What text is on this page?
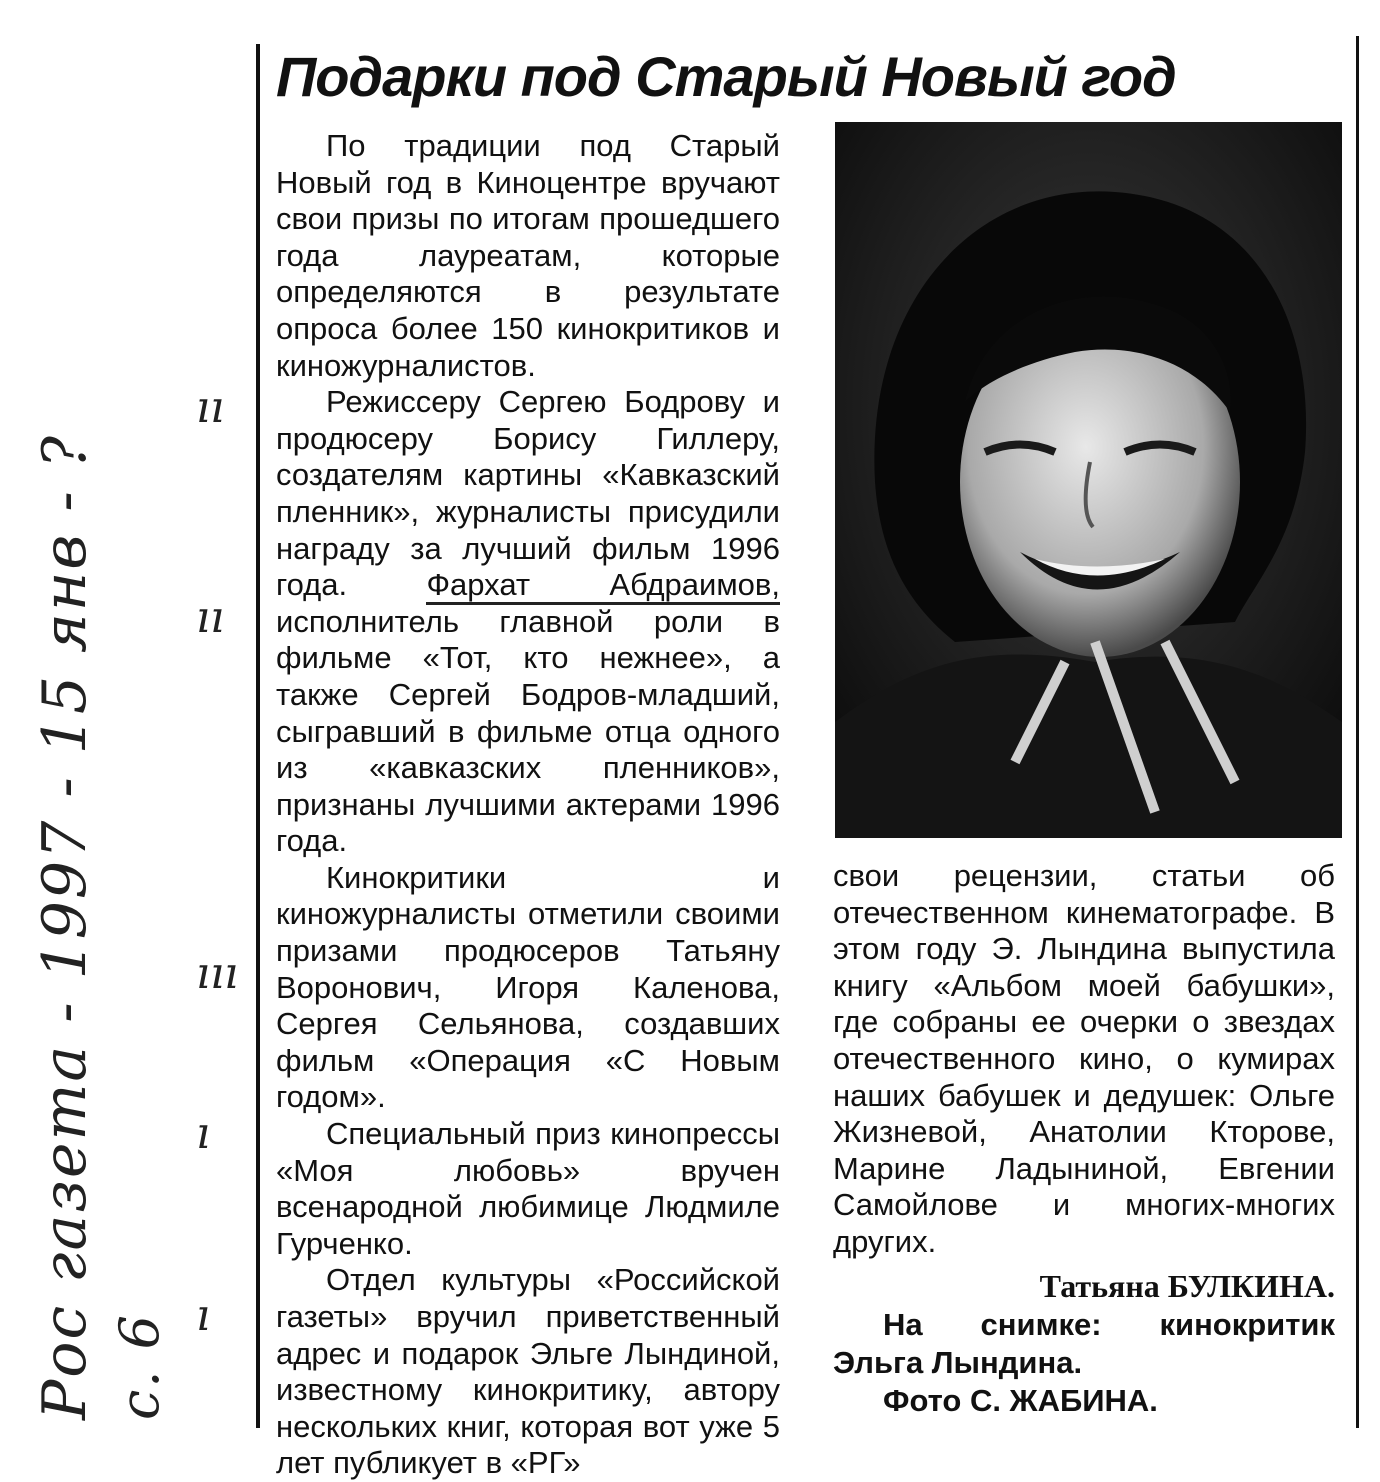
Рос газета - 1997 - 15 янв - ? с. 6
ıı
ıı
ııı
ı
ı
Подарки под Старый Новый год

По традиции под Старый Новый год в Киноцентре вручают свои призы по итогам прошедшего года лауреатам, которые определяются в результате опроса более 150 кинокритиков и киножурналистов.

Режиссеру Сергею Бодрову и продюсеру Борису Гиллеру, создателям картины «Кавказский пленник», журналисты присудили награду за лучший фильм 1996 года. Фархат Абдраимов, исполнитель главной роли в фильме «Тот, кто нежнее», а также Сергей Бодров-младший, сыгравший в фильме отца одного из «кавказских пленников», признаны лучшими актерами 1996 года.

Кинокритики и киножурналисты отметили своими призами продюсеров Татьяну Воронович, Игоря Каленова, Сергея Сельянова, создавших фильм «Операция «С Новым годом».

Специальный приз кинопрессы «Моя любовь» вручен всенародной любимице Людмиле Гурченко.

Отдел культуры «Российской газеты» вручил приветственный адрес и подарок Эльге Лындиной, известному кинокритику, автору нескольких книг, которая вот уже 5 лет публикует в «РГ»

свои рецензии, статьи об отечественном кинематографе. В этом году Э. Лындина выпустила книгу «Альбом моей бабушки», где собраны ее очерки о звездах отечественного кино, о кумирах наших бабушек и дедушек: Ольге Жизневой, Анатолии Кторове, Марине Ладыниной, Евгении Самойлове и многих-многих других.

Татьяна БУЛКИНА.

На снимке: кинокритик

Эльга Лындина.

Фото С. ЖАБИНА.
